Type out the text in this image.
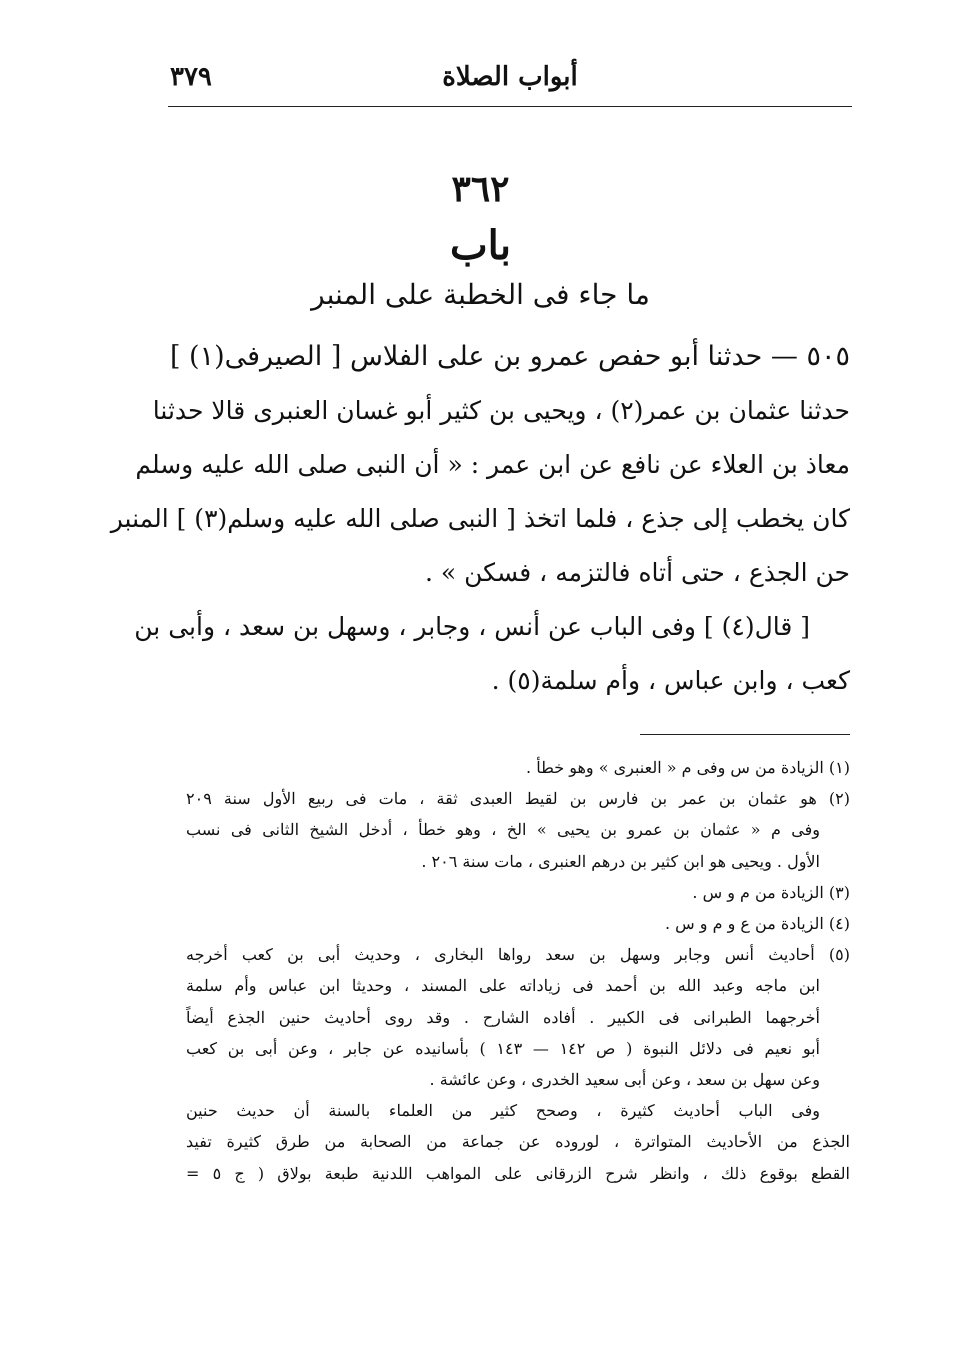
أبواب الصلاة
٣٧٩
٣٦٢
باب
ما جاء فى الخطبة على المنبر
٥٠٥ — حدثنا أبو حفص عمرو بن على الفلاس [ الصيرفى(١) ]
حدثنا عثمان بن عمر(٢) ، ويحيى بن كثير أبو غسان العنبرى قالا حدثنا
معاذ بن العلاء عن نافع عن ابن عمر : « أن النبى صلى الله عليه وسلم
كان يخطب إلى جذع ، فلما اتخذ [ النبى صلى الله عليه وسلم(٣) ] المنبر
حن الجذع ، حتى أتاه فالتزمه ، فسكن » .
[ قال(٤) ] وفى الباب عن أنس ، وجابر ، وسهل بن سعد ، وأبى بن
كعب ، وابن عباس ، وأم سلمة(٥) .
(١) الزيادة من س وفى م « العنبرى » وهو خطأ .
(٢) هو عثمان بن عمر بن فارس بن لقيط العبدى ثقة ، مات فى ربيع الأول سنة ٢٠٩
وفى م « عثمان بن عمرو بن يحيى » الخ ، وهو خطأ ، أدخل الشيخ الثانى فى نسب
الأول . ويحيى هو ابن كثير بن درهم العنبرى ، مات سنة ٢٠٦ .
(٣) الزيادة من م و س .
(٤) الزيادة من ع و م و س .
(٥) أحاديث أنس وجابر وسهل بن سعد رواها البخارى ، وحديث أبى بن كعب أخرجه
ابن ماجه وعبد الله بن أحمد فى زياداته على المسند ، وحديثا ابن عباس وأم سلمة
أخرجهما الطبرانى فى الكبير . أفاده الشارح . وقد روى أحاديث حنين الجذع أيضاً
أبو نعيم فى دلائل النبوة ( ص ١٤٢ — ١٤٣ ) بأسانيده عن جابر ، وعن أبى بن كعب
وعن سهل بن سعد ، وعن أبى سعيد الخدرى ، وعن عائشة .
وفى الباب أحاديث كثيرة ، وصحح كثير من العلماء بالسنة أن حديث حنين
الجذع من الأحاديث المتواترة ، لوروده عن جماعة من الصحابة من طرق كثيرة تفيد
القطع بوقوع ذلك ، وانظر شرح الزرقانى على المواهب اللدنية طبعة بولاق ( ج ٥ =
